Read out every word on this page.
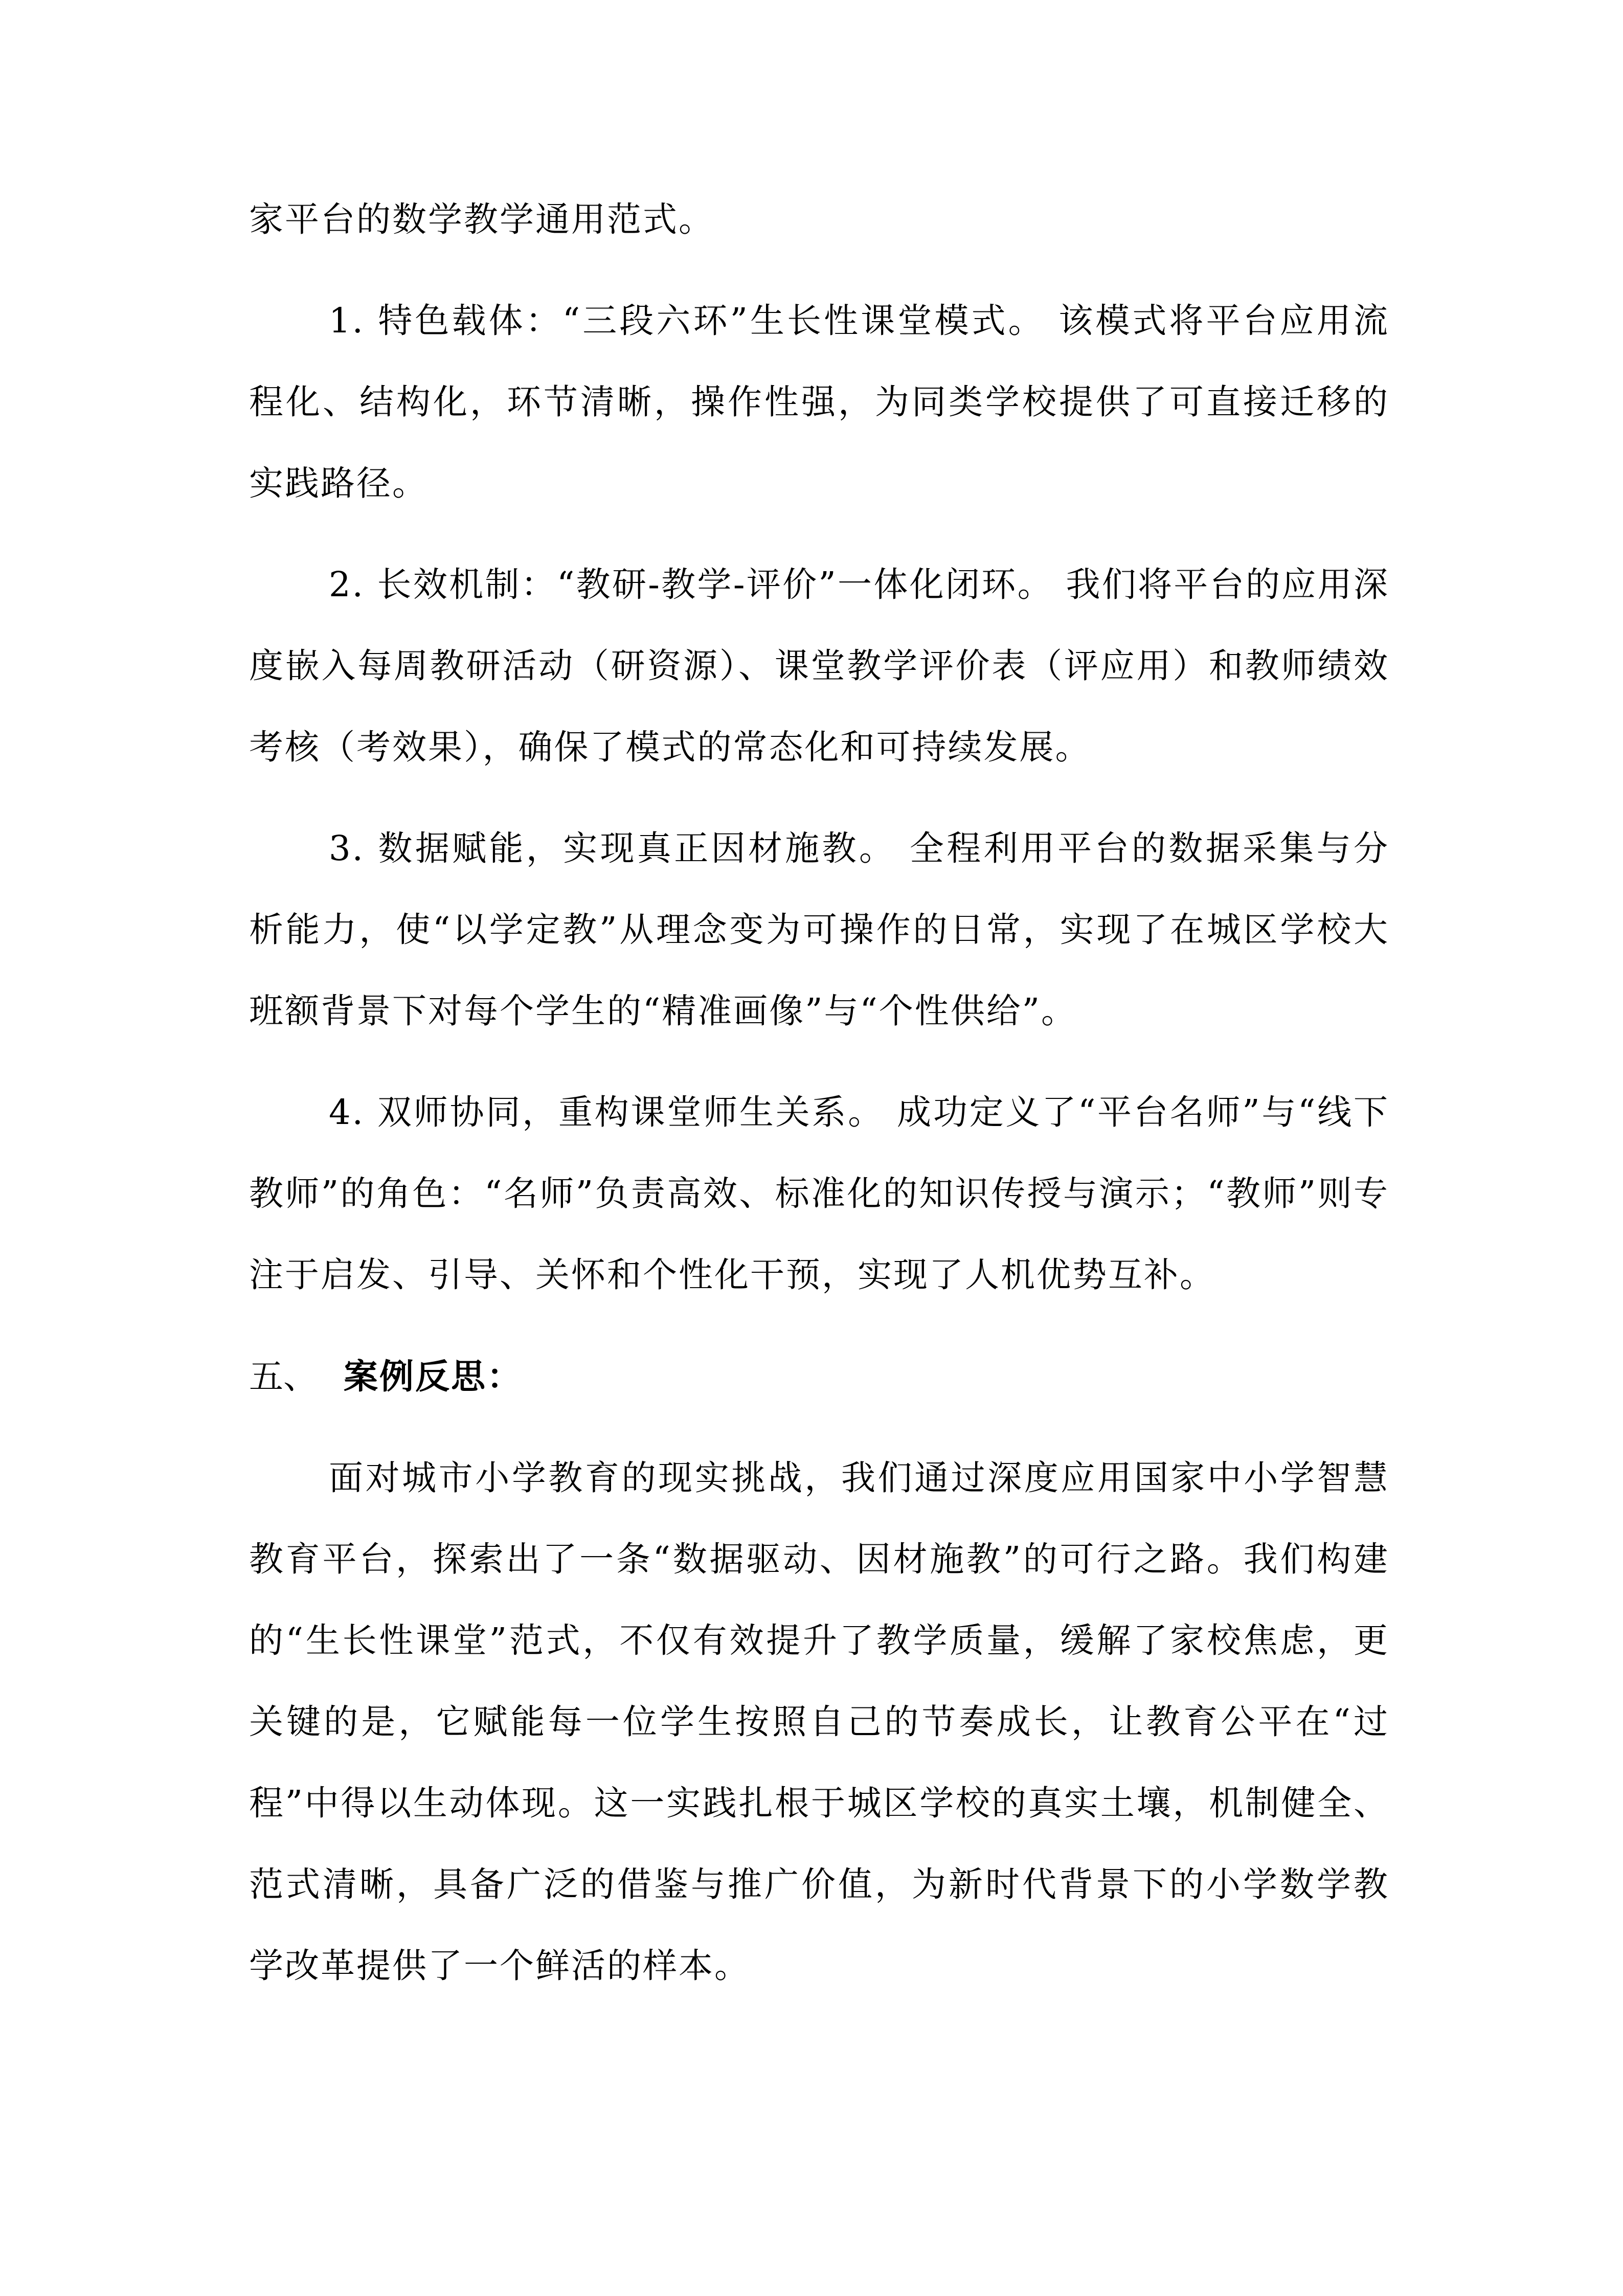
家平台的数学教学通用范式。

1. 特色载体：“三段六环”生长性课堂模式。 该模式将平台应用流程化、结构化，环节清晰，操作性强，为同类学校提供了可直接迁移的实践路径。

2. 长效机制：“教研-教学-评价”一体化闭环。 我们将平台的应用深度嵌入每周教研活动（研资源）、课堂教学评价表（评应用）和教师绩效考核（考效果），确保了模式的常态化和可持续发展。

3. 数据赋能，实现真正因材施教。 全程利用平台的数据采集与分析能力，使“以学定教”从理念变为可操作的日常，实现了在城区学校大班额背景下对每个学生的“精准画像”与“个性供给”。

4. 双师协同，重构课堂师生关系。 成功定义了“平台名师”与“线下教师”的角色：“名师”负责高效、标准化的知识传授与演示；“教师”则专注于启发、引导、关怀和个性化干预，实现了人机优势互补。

五、 案例反思：

面对城市小学教育的现实挑战，我们通过深度应用国家中小学智慧教育平台，探索出了一条“数据驱动、因材施教”的可行之路。我们构建的“生长性课堂”范式，不仅有效提升了教学质量，缓解了家校焦虑，更关键的是，它赋能每一位学生按照自己的节奏成长，让教育公平在“过程”中得以生动体现。这一实践扎根于城区学校的真实土壤，机制健全、范式清晰，具备广泛的借鉴与推广价值，为新时代背景下的小学数学教学改革提供了一个鲜活的样本。
